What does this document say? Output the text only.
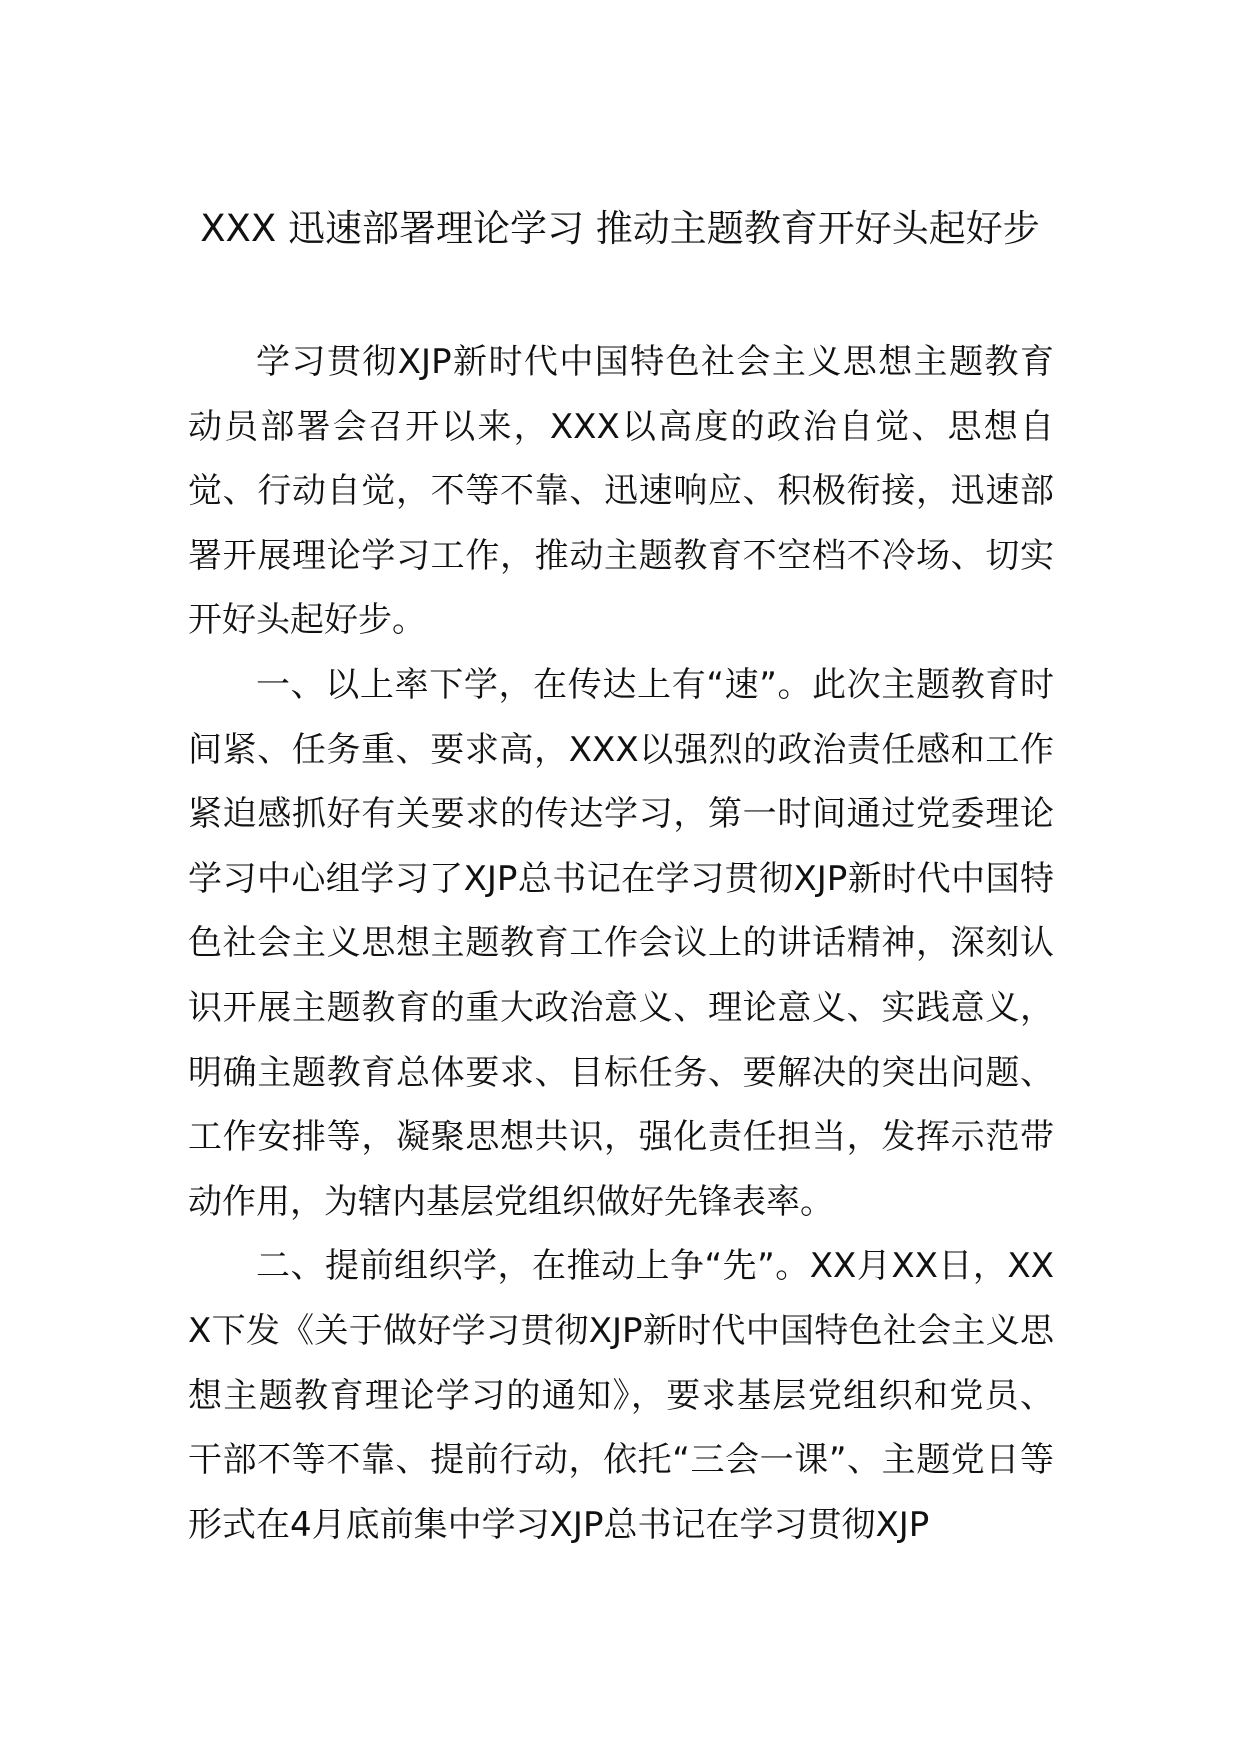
XXX 迅速部署理论学习 推动主题教育开好头起好步

学习贯彻XJP新时代中国特色社会主义思想主题教育动员部署会召开以来，XXX以高度的政治自觉、思想自觉、行动自觉，不等不靠、迅速响应、积极衔接，迅速部署开展理论学习工作，推动主题教育不空档不冷场、切实开好头起好步。

一、以上率下学，在传达上有“速”。此次主题教育时间紧、任务重、要求高，XXX以强烈的政治责任感和工作紧迫感抓好有关要求的传达学习，第一时间通过党委理论学习中心组学习了XJP总书记在学习贯彻XJP新时代中国特色社会主义思想主题教育工作会议上的讲话精神，深刻认识开展主题教育的重大政治意义、理论意义、实践意义，明确主题教育总体要求、目标任务、要解决的突出问题、工作安排等，凝聚思想共识，强化责任担当，发挥示范带动作用，为辖内基层党组织做好先锋表率。

二、提前组织学，在推动上争“先”。XX月XX日，XXX下发《关于做好学习贯彻XJP新时代中国特色社会主义思想主题教育理论学习的通知》，要求基层党组织和党员、干部不等不靠、提前行动，依托“三会一课”、主题党日等形式在4月底前集中学习XJP总书记在学习贯彻XJP
